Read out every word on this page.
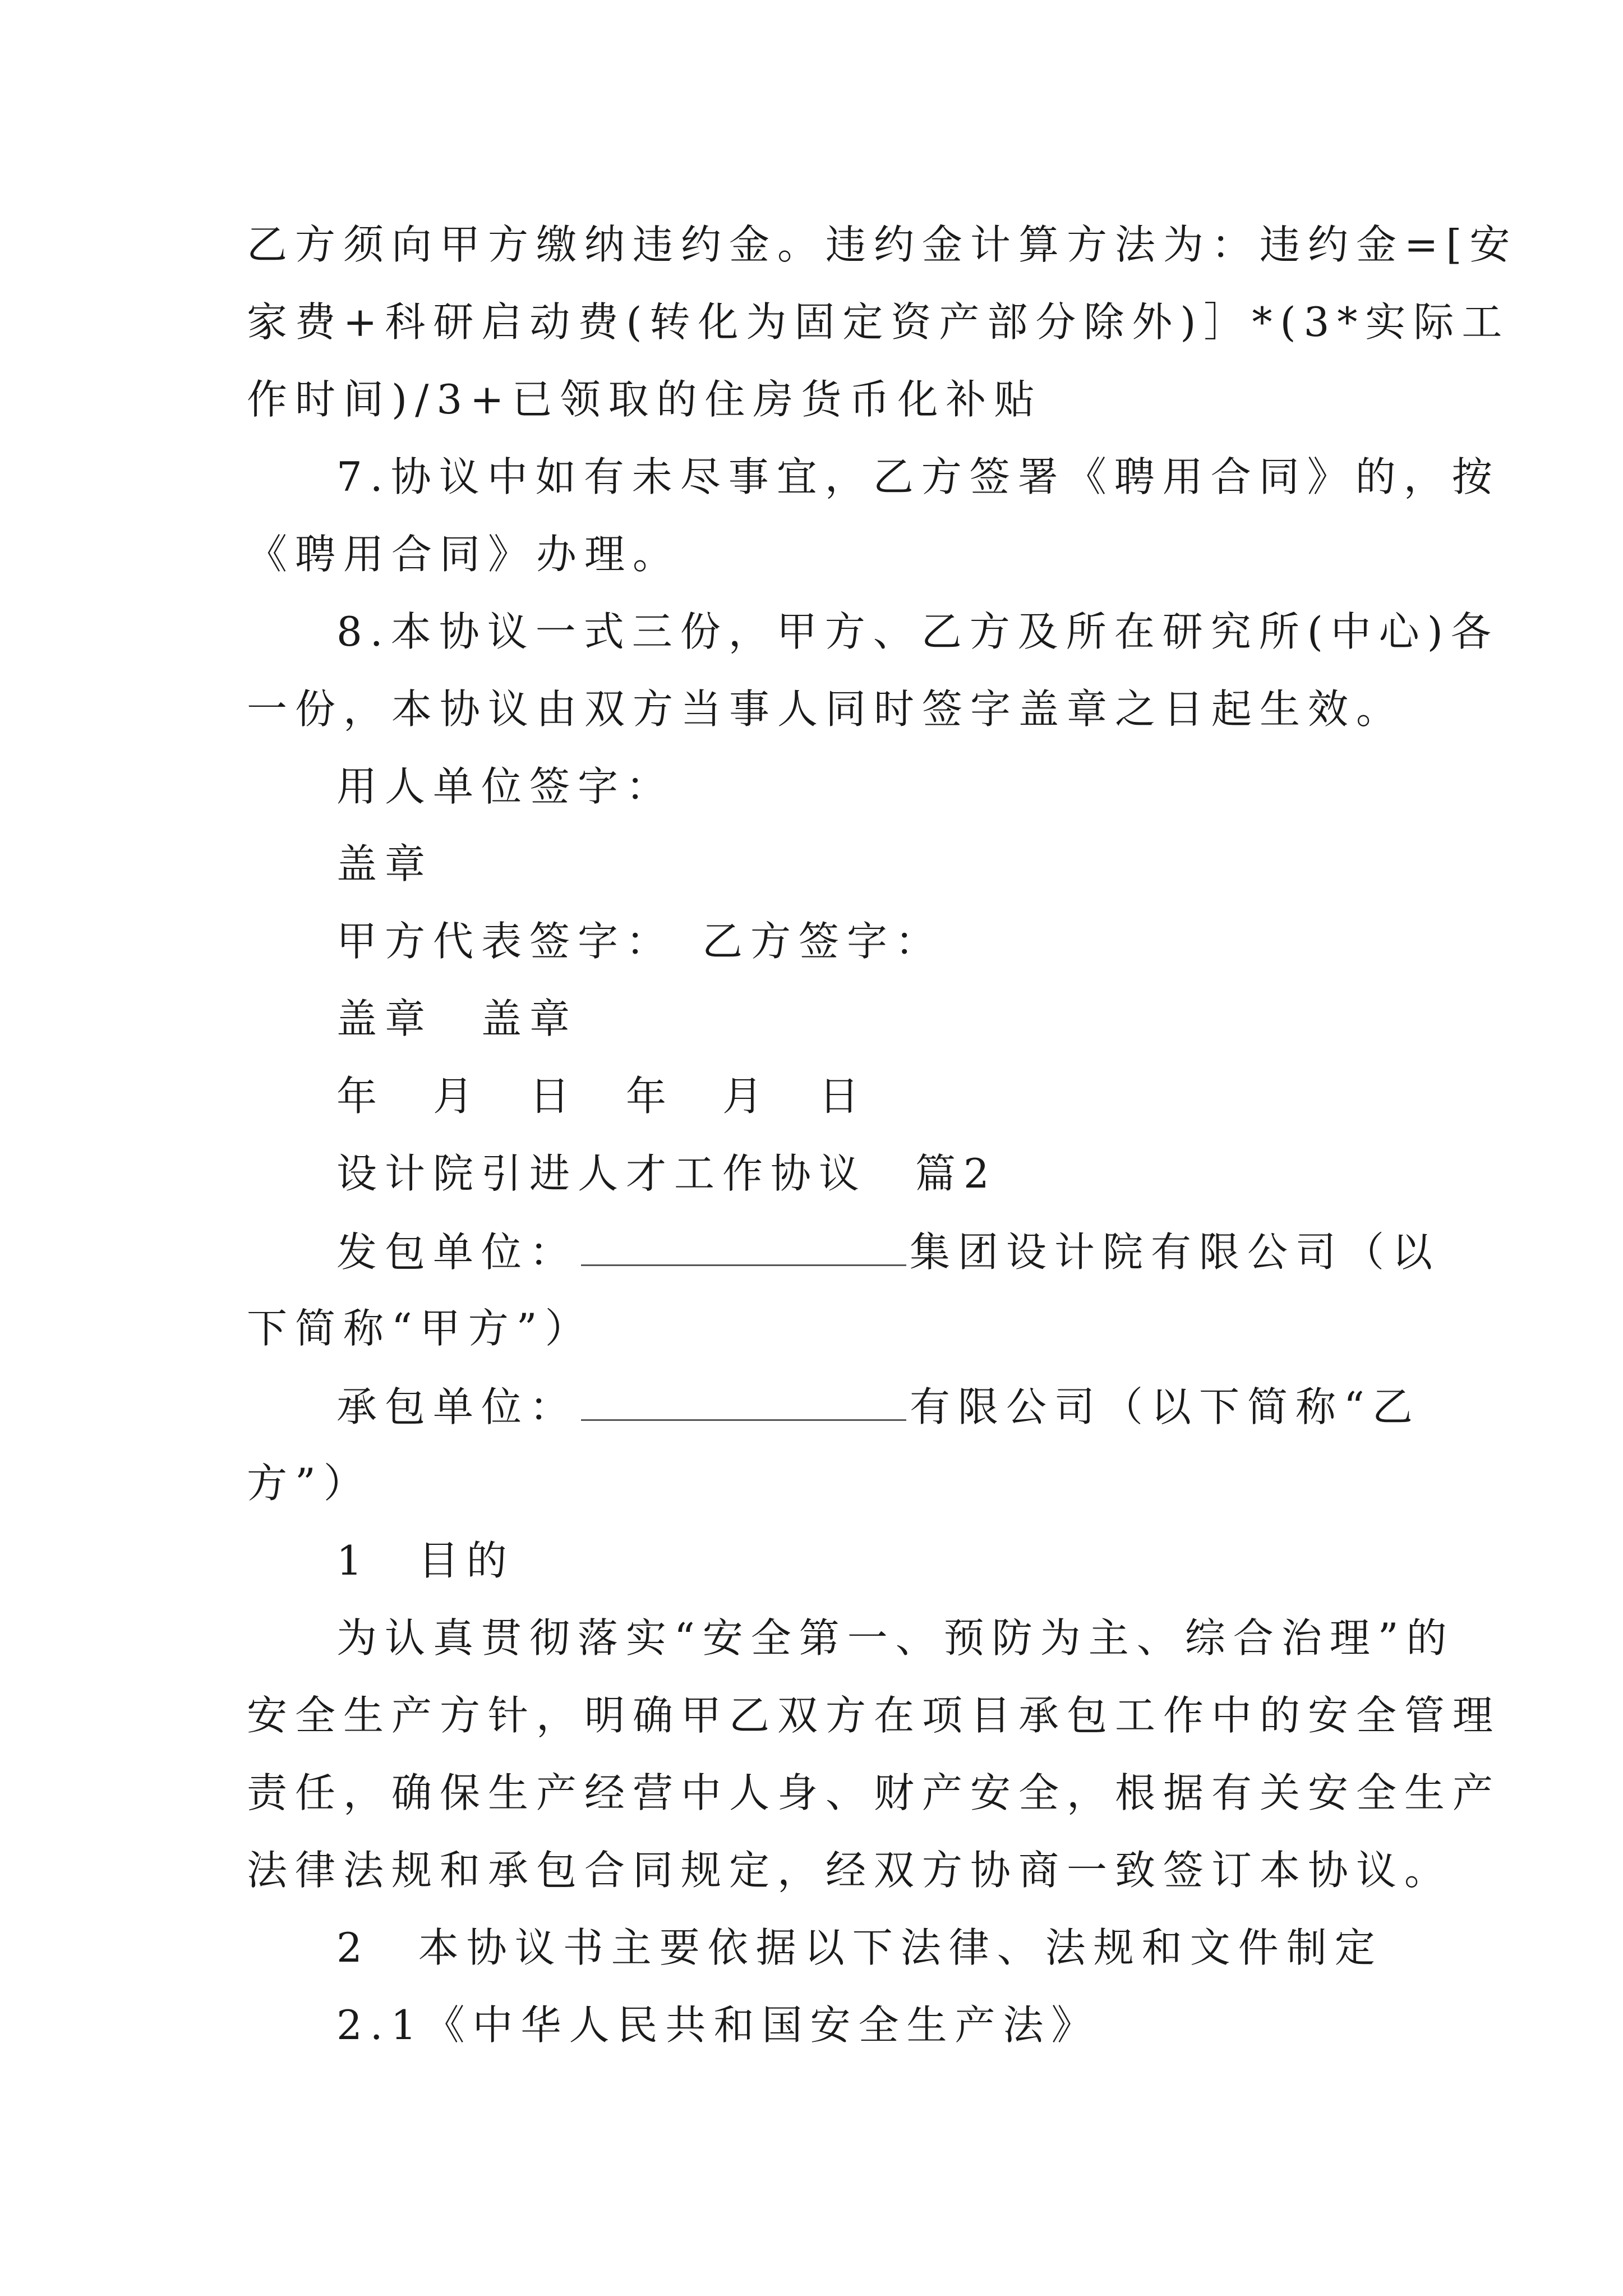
乙方须向甲方缴纳违约金。违约金计算方法为：违约金=[安
家费+科研启动费(转化为固定资产部分除外)］*(3*实际工
作时间)/3+已领取的住房货币化补贴
7.协议中如有未尽事宜，乙方签署《聘用合同》的，按
《聘用合同》办理。
8.本协议一式三份，甲方、乙方及所在研究所(中心)各
一份，本协议由双方当事人同时签字盖章之日起生效。
用人单位签字：
盖章
甲方代表签字：　乙方签字：
盖章　盖章
年　月　日　年　月　日
设计院引进人才工作协议　篇2
发包单位：	集团设计院有限公司（以
下简称“甲方”）
承包单位：	有限公司（以下简称“乙
方”）
1　目的
为认真贯彻落实“安全第一、预防为主、综合治理”的
安全生产方针，明确甲乙双方在项目承包工作中的安全管理
责任，确保生产经营中人身、财产安全，根据有关安全生产
法律法规和承包合同规定，经双方协商一致签订本协议。
2　本协议书主要依据以下法律、法规和文件制定
2.1《中华人民共和国安全生产法》
